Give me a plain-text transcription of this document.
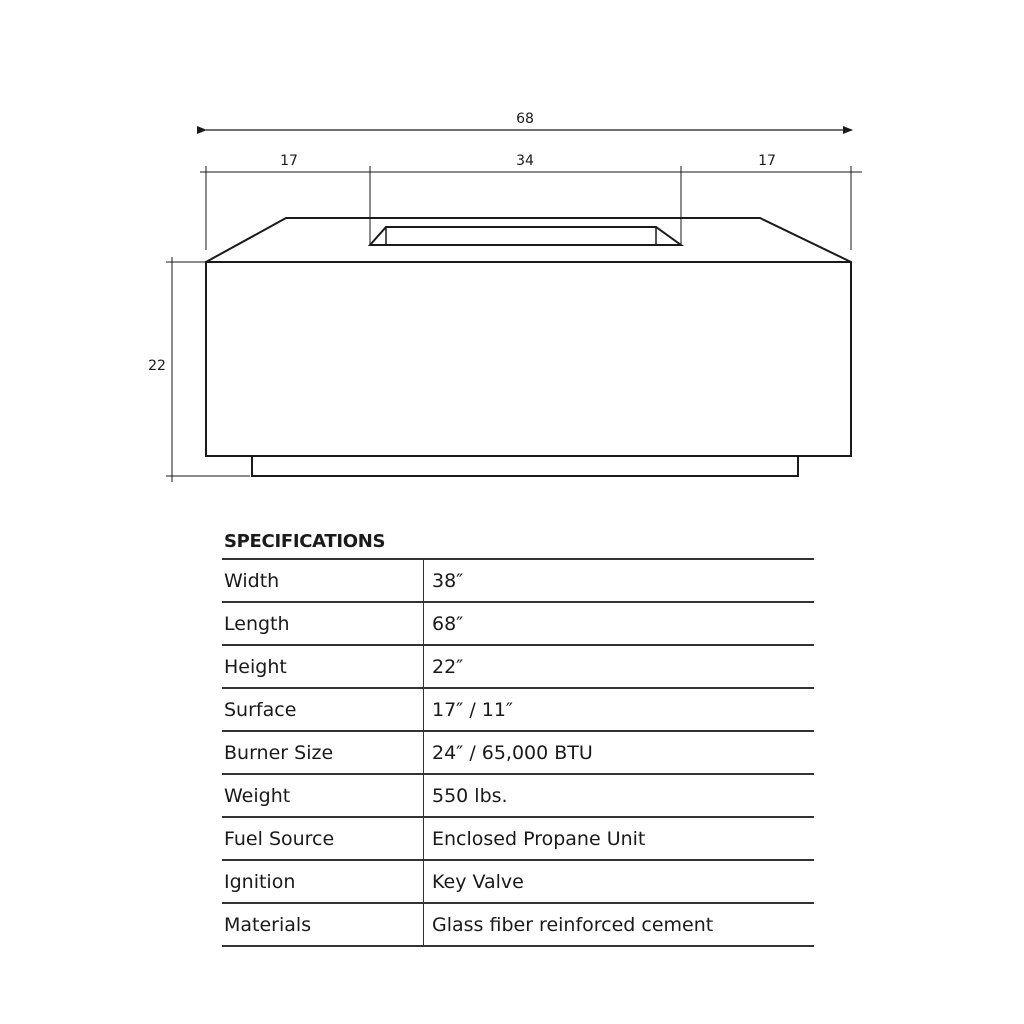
68
17	34	17
22
SPECIFICATIONS
Width	38″
Length	68″
Height	22″
Surface	17″ / 11″
Burner Size	24″ / 65,000 BTU
Weight	550 lbs.
Fuel Source	Enclosed Propane Unit
Ignition	Key Valve
Materials	Glass fiber reinforced cement
